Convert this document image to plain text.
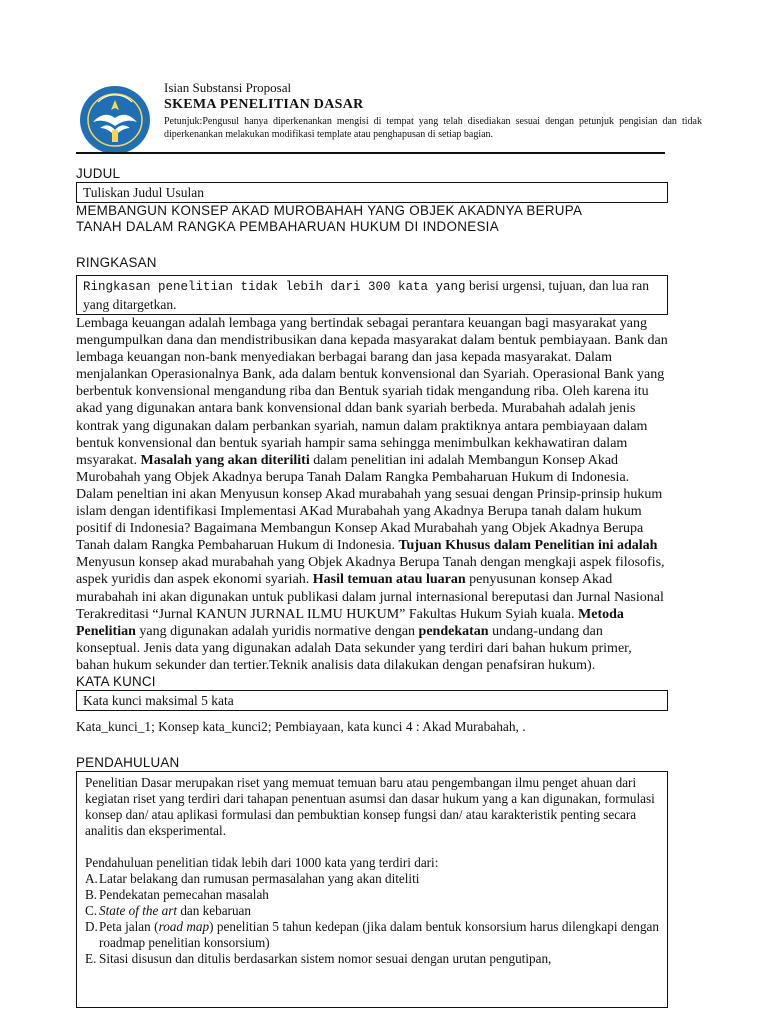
Isian Substansi Proposal
SKEMA PENELITIAN DASAR
Petunjuk:Pengusul hanya diperkenankan mengisi di tempat yang telah disediakan sesuai dengan petunjuk pengisian dan tidak diperkenankan melakukan modifikasi template atau penghapusan di setiap bagian.
JUDUL
Tuliskan Judul Usulan
MEMBANGUN KONSEP AKAD MUROBAHAH YANG OBJEK AKADNYA BERUPA
TANAH DALAM RANGKA PEMBAHARUAN HUKUM DI INDONESIA
RINGKASAN
Ringkasan penelitian tidak lebih dari 300 kata yang berisi urgensi, tujuan, dan lua ran yang ditargetkan.
Lembaga keuangan adalah lembaga yang bertindak sebagai perantara keuangan bagi masyarakat yang mengumpulkan dana dan mendistribusikan dana kepada masyarakat dalam bentuk pembiayaan. Bank dan lembaga keuangan non-bank menyediakan berbagai barang dan jasa kepada masyarakat. Dalam menjalankan Operasionalnya Bank, ada dalam bentuk konvensional dan Syariah. Operasional Bank yang berbentuk konvensional mengandung riba dan Bentuk syariah tidak mengandung riba. Oleh karena itu akad yang digunakan antara bank konvensional ddan bank syariah berbeda. Murabahah adalah jenis kontrak yang digunakan dalam perbankan syariah, namun dalam praktiknya antara pembiayaan dalam bentuk konvensional dan bentuk syariah hampir sama sehingga menimbulkan kekhawatiran dalam msyarakat. Masalah yang akan diteriliti dalam penelitian ini adalah Membangun Konsep Akad Murobahah yang Objek Akadnya berupa Tanah Dalam Rangka Pembaharuan Hukum di Indonesia. Dalam peneltian ini akan Menyusun konsep Akad murabahah yang sesuai dengan Prinsip-prinsip hukum islam dengan identifikasi Implementasi AKad Murabahah yang Akadnya Berupa tanah dalam hukum positif di Indonesia? Bagaimana Membangun Konsep Akad Murabahah yang Objek Akadnya Berupa Tanah dalam Rangka Pembaharuan Hukum di Indonesia. Tujuan Khusus dalam Penelitian ini adalah Menyusun konsep akad murabahah yang Objek Akadnya Berupa Tanah dengan mengkaji aspek filosofis, aspek yuridis dan aspek ekonomi syariah. Hasil temuan atau luaran penyusunan konsep Akad murabahah ini akan digunakan untuk publikasi dalam jurnal internasional bereputasi dan Jurnal Nasional Terakreditasi “Jurnal KANUN JURNAL ILMU HUKUM” Fakultas Hukum Syiah kuala. Metoda Penelitian yang digunakan adalah yuridis normative dengan pendekatan undang-undang dan konseptual. Jenis data yang digunakan adalah Data sekunder yang terdiri dari bahan hukum primer, bahan hukum sekunder dan tertier.Teknik analisis data dilakukan dengan penafsiran hukum).
KATA KUNCI
Kata kunci maksimal 5 kata
Kata_kunci_1; Konsep kata_kunci2; Pembiayaan, kata kunci 4 : Akad Murabahah, .
PENDAHULUAN

Penelitian Dasar merupakan riset yang memuat temuan baru atau pengembangan ilmu penget ahuan dari kegiatan riset yang terdiri dari tahapan penentuan asumsi dan dasar hukum yang a kan digunakan, formulasi konsep dan/ atau aplikasi formulasi dan pembuktian konsep fungsi dan/ atau karakteristik penting secara analitis dan eksperimental.

Pendahuluan penelitian tidak lebih dari 1000 kata yang terdiri dari:

A. Latar belakang dan rumusan permasalahan yang akan diteliti
B. Pendekatan pemecahan masalah
C. State of the art dan kebaruan
D. Peta jalan (road map) penelitian 5 tahun kedepan (jika dalam bentuk konsorsium harus dilengkapi dengan roadmap penelitian konsorsium)
E. Sitasi disusun dan ditulis berdasarkan sistem nomor sesuai dengan urutan pengutipan,
